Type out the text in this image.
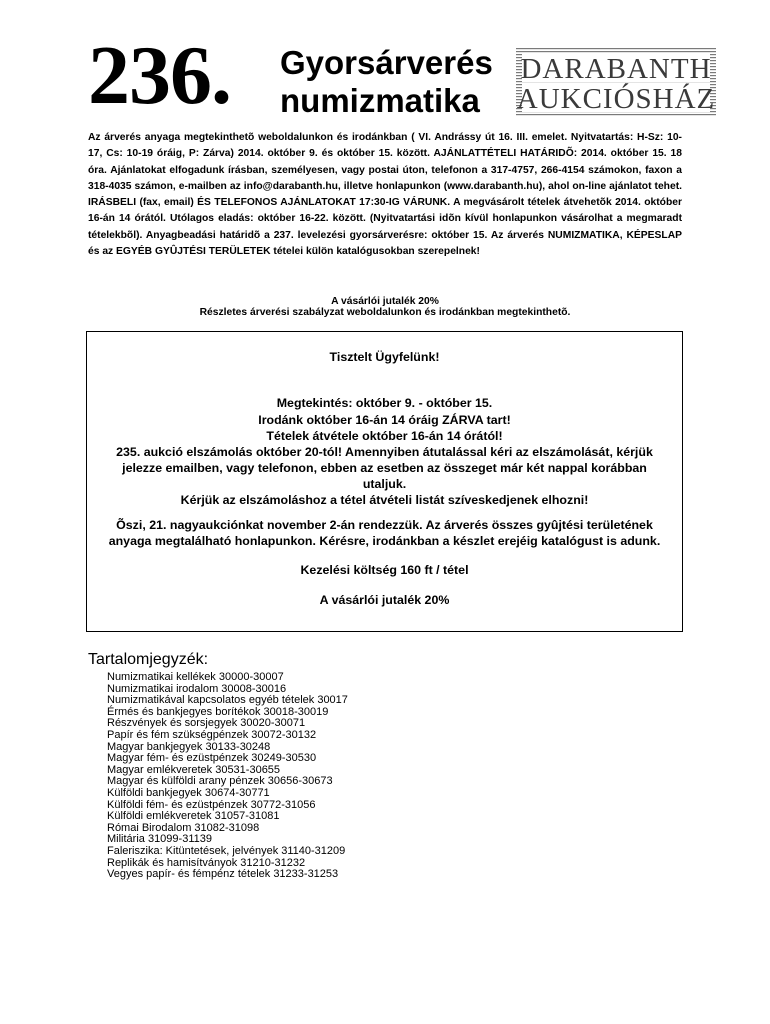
236. Gyorsárverés
numizmatika
DARABANTH
AUKCIÓSHÁZ
Az árverés anyaga megtekinthetõ weboldalunkon és irodánkban ( VI. Andrássy út 16. III. emelet. Nyitvatartás: H-Sz: 10-17, Cs: 10-19 óráig, P: Zárva) 2014. október 9. és október 15. között. AJÁNLATTÉTELI HATÁRIDÕ: 2014. október 15. 18 óra. Ajánlatokat elfogadunk írásban, személyesen, vagy postai úton, telefonon a 317-4757, 266-4154 számokon, faxon a 318-4035 számon, e-mailben az info@darabanth.hu, illetve honlapunkon (www.darabanth.hu), ahol on-line ajánlatot tehet. IRÁSBELI (fax, email) ÉS TELEFONOS AJÁNLATOKAT 17:30-IG VÁRUNK. A megvásárolt tételek átvehetõk 2014. október 16-án 14 órától. Utólagos eladás: október 16-22. között. (Nyitvatartási idõn kívül honlapunkon vásárolhat a megmaradt tételekbõl). Anyagbeadási határidõ a 237. levelezési gyorsárverésre: október 15. Az árverés NUMIZMATIKA, KÉPESLAP és az EGYÉB GYÛJTÉSI TERÜLETEK tételei külön katalógusokban szerepelnek!
A vásárlói jutalék 20%
Részletes árverési szabályzat weboldalunkon és irodánkban megtekinthetõ.
Tisztelt Ügyfelünk!
Megtekintés: október 9. - október 15.
Irodánk október 16-án 14 óráig ZÁRVA tart!
Tételek átvétele október 16-án 14 órától!
235. aukció elszámolás október 20-tól! Amennyiben átutalással kéri az elszámolását, kérjük
jelezze emailben, vagy telefonon, ebben az esetben az összeget már két nappal korábban
utaljuk.
Kérjük az elszámoláshoz a tétel átvételi listát szíveskedjenek elhozni!
Õszi, 21. nagyaukciónkat november 2-án rendezzük. Az árverés összes gyûjtési területének
anyaga megtalálható honlapunkon. Kérésre, irodánkban a készlet erejéig katalógust is adunk.
Kezelési költség 160 ft / tétel
A vásárlói jutalék 20%
Tartalomjegyzék:
Numizmatikai kellékek 30000-30007
Numizmatikai irodalom 30008-30016
Numizmatikával kapcsolatos egyéb tételek 30017
Érmés és bankjegyes borítékok 30018-30019
Részvények és sorsjegyek 30020-30071
Papír és fém szükségpénzek 30072-30132
Magyar bankjegyek 30133-30248
Magyar fém- és ezüstpénzek 30249-30530
Magyar emlékveretek 30531-30655
Magyar és külföldi arany pénzek 30656-30673
Külföldi bankjegyek 30674-30771
Külföldi fém- és ezüstpénzek 30772-31056
Külföldi emlékveretek 31057-31081
Római Birodalom 31082-31098
Militária 31099-31139
Faleriszika: Kitüntetések, jelvények 31140-31209
Replikák és hamisítványok 31210-31232
Vegyes papír- és fémpénz tételek 31233-31253
